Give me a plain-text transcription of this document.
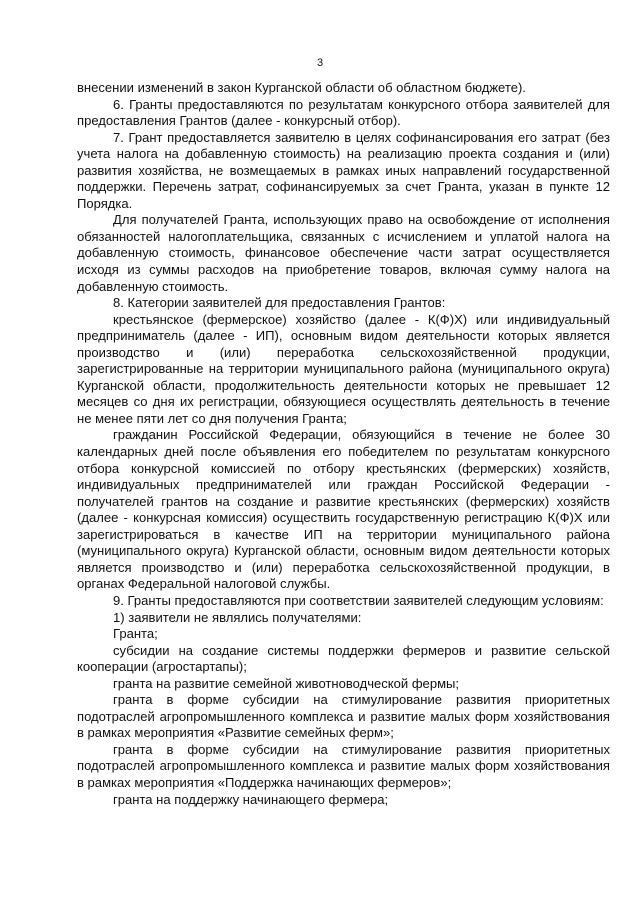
3

внесении изменений в закон Курганской области об областном бюджете).

6. Гранты предоставляются по результатам конкурсного отбора заявителей для предоставления Грантов (далее - конкурсный отбор).

7. Грант предоставляется заявителю в целях софинансирования его затрат (без учета налога на добавленную стоимость) на реализацию проекта создания и (или) развития хозяйства, не возмещаемых в рамках иных направлений государственной поддержки. Перечень затрат, софинансируемых за счет Гранта, указан в пункте 12 Порядка.

Для получателей Гранта, использующих право на освобождение от исполнения обязанностей налогоплательщика, связанных с исчислением и уплатой налога на добавленную стоимость, финансовое обеспечение части затрат осуществляется исходя из суммы расходов на приобретение товаров, включая сумму налога на добавленную стоимость.

8. Категории заявителей для предоставления Грантов:

крестьянское (фермерское) хозяйство (далее - К(Ф)Х) или индивидуальный предприниматель (далее - ИП), основным видом деятельности которых является производство и (или) переработка сельскохозяйственной продукции, зарегистрированные на территории муниципального района (муниципального округа) Курганской области, продолжительность деятельности которых не превышает 12 месяцев со дня их регистрации, обязующиеся осуществлять деятельность в течение не менее пяти лет со дня получения Гранта;

гражданин Российской Федерации, обязующийся в течение не более 30 календарных дней после объявления его победителем по результатам конкурсного отбора конкурсной комиссией по отбору крестьянских (фермерских) хозяйств, индивидуальных предпринимателей или граждан Российской Федерации - получателей грантов на создание и развитие крестьянских (фермерских) хозяйств (далее - конкурсная комиссия) осуществить государственную регистрацию К(Ф)Х или зарегистрироваться в качестве ИП на территории муниципального района (муниципального округа) Курганской области, основным видом деятельности которых является производство и (или) переработка сельскохозяйственной продукции, в органах Федеральной налоговой службы.

9. Гранты предоставляются при соответствии заявителей следующим условиям:

1) заявители не являлись получателями:

Гранта;

субсидии на создание системы поддержки фермеров и развитие сельской кооперации (агростартапы);

гранта на развитие семейной животноводческой фермы;

гранта в форме субсидии на стимулирование развития приоритетных подотраслей агропромышленного комплекса и развитие малых форм хозяйствования в рамках мероприятия «Развитие семейных ферм»;

гранта в форме субсидии на стимулирование развития приоритетных подотраслей агропромышленного комплекса и развитие малых форм хозяйствования в рамках мероприятия «Поддержка начинающих фермеров»;

гранта на поддержку начинающего фермера;
